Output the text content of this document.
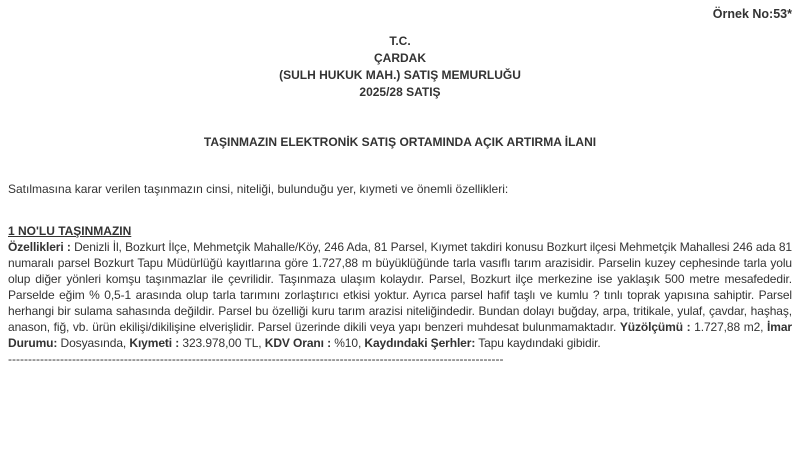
Örnek No:53*
T.C.
ÇARDAK
(SULH HUKUK MAH.) SATIŞ MEMURLUĞU
2025/28 SATIŞ
TAŞINMAZIN ELEKTRONİK SATIŞ ORTAMINDA AÇIK ARTIRMA İLANI
Satılmasına karar verilen taşınmazın cinsi, niteliği, bulunduğu yer, kıymeti ve önemli özellikleri:
1 NO'LU TAŞINMAZIN
Özellikleri : Denizli İl, Bozkurt İlçe, Mehmetçik Mahalle/Köy, 246 Ada, 81 Parsel, Kıymet takdiri konusu Bozkurt ilçesi Mehmetçik Mahallesi 246 ada 81 numaralı parsel Bozkurt Tapu Müdürlüğü kayıtlarına göre 1.727,88 m büyüklüğünde tarla vasıflı tarım arazisidir. Parselin kuzey cephesinde tarla yolu olup diğer yönleri komşu taşınmazlar ile çevrilidir. Taşınmaza ulaşım kolaydır. Parsel, Bozkurt ilçe merkezine ise yaklaşık 500 metre mesafededir. Parselde eğim % 0,5-1 arasında olup tarla tarımını zorlaştırıcı etkisi yoktur. Ayrıca parsel hafif taşlı ve kumlu ? tınlı toprak yapısına sahiptir. Parsel herhangi bir sulama sahasında değildir. Parsel bu özelliği kuru tarım arazisi niteliğindedir. Bundan dolayı buğday, arpa, tritikale, yulaf, çavdar, haşhaş, anason, fiğ, vb. ürün ekilişi/dikilişine elverişlidir. Parsel üzerinde dikili veya yapı benzeri muhdesat bulunmamaktadır. Yüzölçümü : 1.727,88 m2, İmar Durumu: Dosyasında, Kıymeti : 323.978,00 TL, KDV Oranı : %10, Kaydındaki Şerhler: Tapu kaydındaki gibidir.
----------------------------------------------------------------------------------------------------------------------------
